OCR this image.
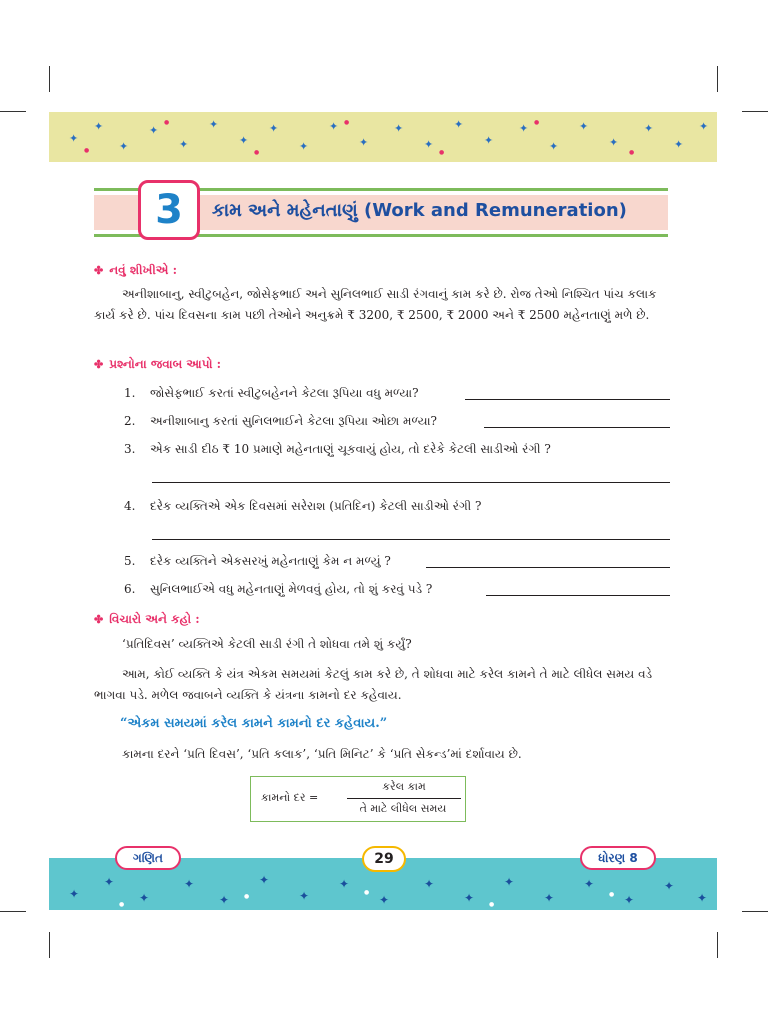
✦
✦
✦
✦
✦
✦
✦
✦
✦
✦
✦
✦
✦
✦
✦
✦
✦
✦
✦
✦
✦
✦
●
●
●
●
●
●
●
3	કામ અને મહેનતાણું (Work and Remuneration)
✤ નવું શીખીએ :

અનીશાબાનુ, સ્વીટુબહેન, જોસેફભાઈ અને સુનિલભાઈ સાડી રંગવાનું કામ કરે છે. રોજ તેઓ નિશ્ચિત પાંચ કલાક કાર્ય કરે છે. પાંચ દિવસના કામ પછી તેઓને અનુક્રમે ₹ 3200, ₹ 2500, ₹ 2000 અને ₹ 2500 મહેનતાણું મળે છે.

✤ પ્રશ્નોના જવાબ આપો :
1. જોસેફભાઈ કરતાં સ્વીટુબહેનને કેટલા રૂપિયા વધુ મળ્યા?
2. અનીશાબાનુ કરતાં સુનિલભાઈને કેટલા રૂપિયા ઓછા મળ્યા?
3. એક સાડી દીઠ ₹ 10 પ્રમાણે મહેનતાણું ચૂકવાયું હોય, તો દરેકે કેટલી સાડીઓ રંગી ?
4. દરેક વ્યક્તિએ એક દિવસમાં સરેરાશ (પ્રતિદિન) કેટલી સાડીઓ રંગી ?
5. દરેક વ્યક્તિને એકસરખું મહેનતાણું કેમ ન મળ્યું ?
6. સુનિલભાઈએ વધુ મહેનતાણું મેળવવું હોય, તો શું કરવું પડે ?
✤ વિચારો અને કહો :

‘પ્રતિદિવસ’ વ્યક્તિએ કેટલી સાડી રંગી તે શોધવા તમે શું કર્યું?

આમ, કોઈ વ્યક્તિ કે યંત્ર એકમ સમયમાં કેટલું કામ કરે છે, તે શોધવા માટે કરેલ કામને તે માટે લીધેલ સમય વડે ભાગવા પડે. મળેલ જવાબને વ્યક્તિ કે યંત્રના કામનો દર કહેવાય.

“એકમ સમયમાં કરેલ કામને કામનો દર કહેવાય.”

કામના દરને ‘પ્રતિ દિવસ’, ‘પ્રતિ કલાક’, ‘પ્રતિ મિનિટ’ કે ‘પ્રતિ સેકન્ડ’માં દર્શાવાય છે.

કામનો દર =
કરેલ કામ
તે માટે લીધેલ સમય
✦
✦
✦
✦
✦
✦
✦
✦
✦
✦
✦
✦
✦
✦
✦
✦
✦
●
●
●
●
●
ગણિત	29	ધોરણ 8
